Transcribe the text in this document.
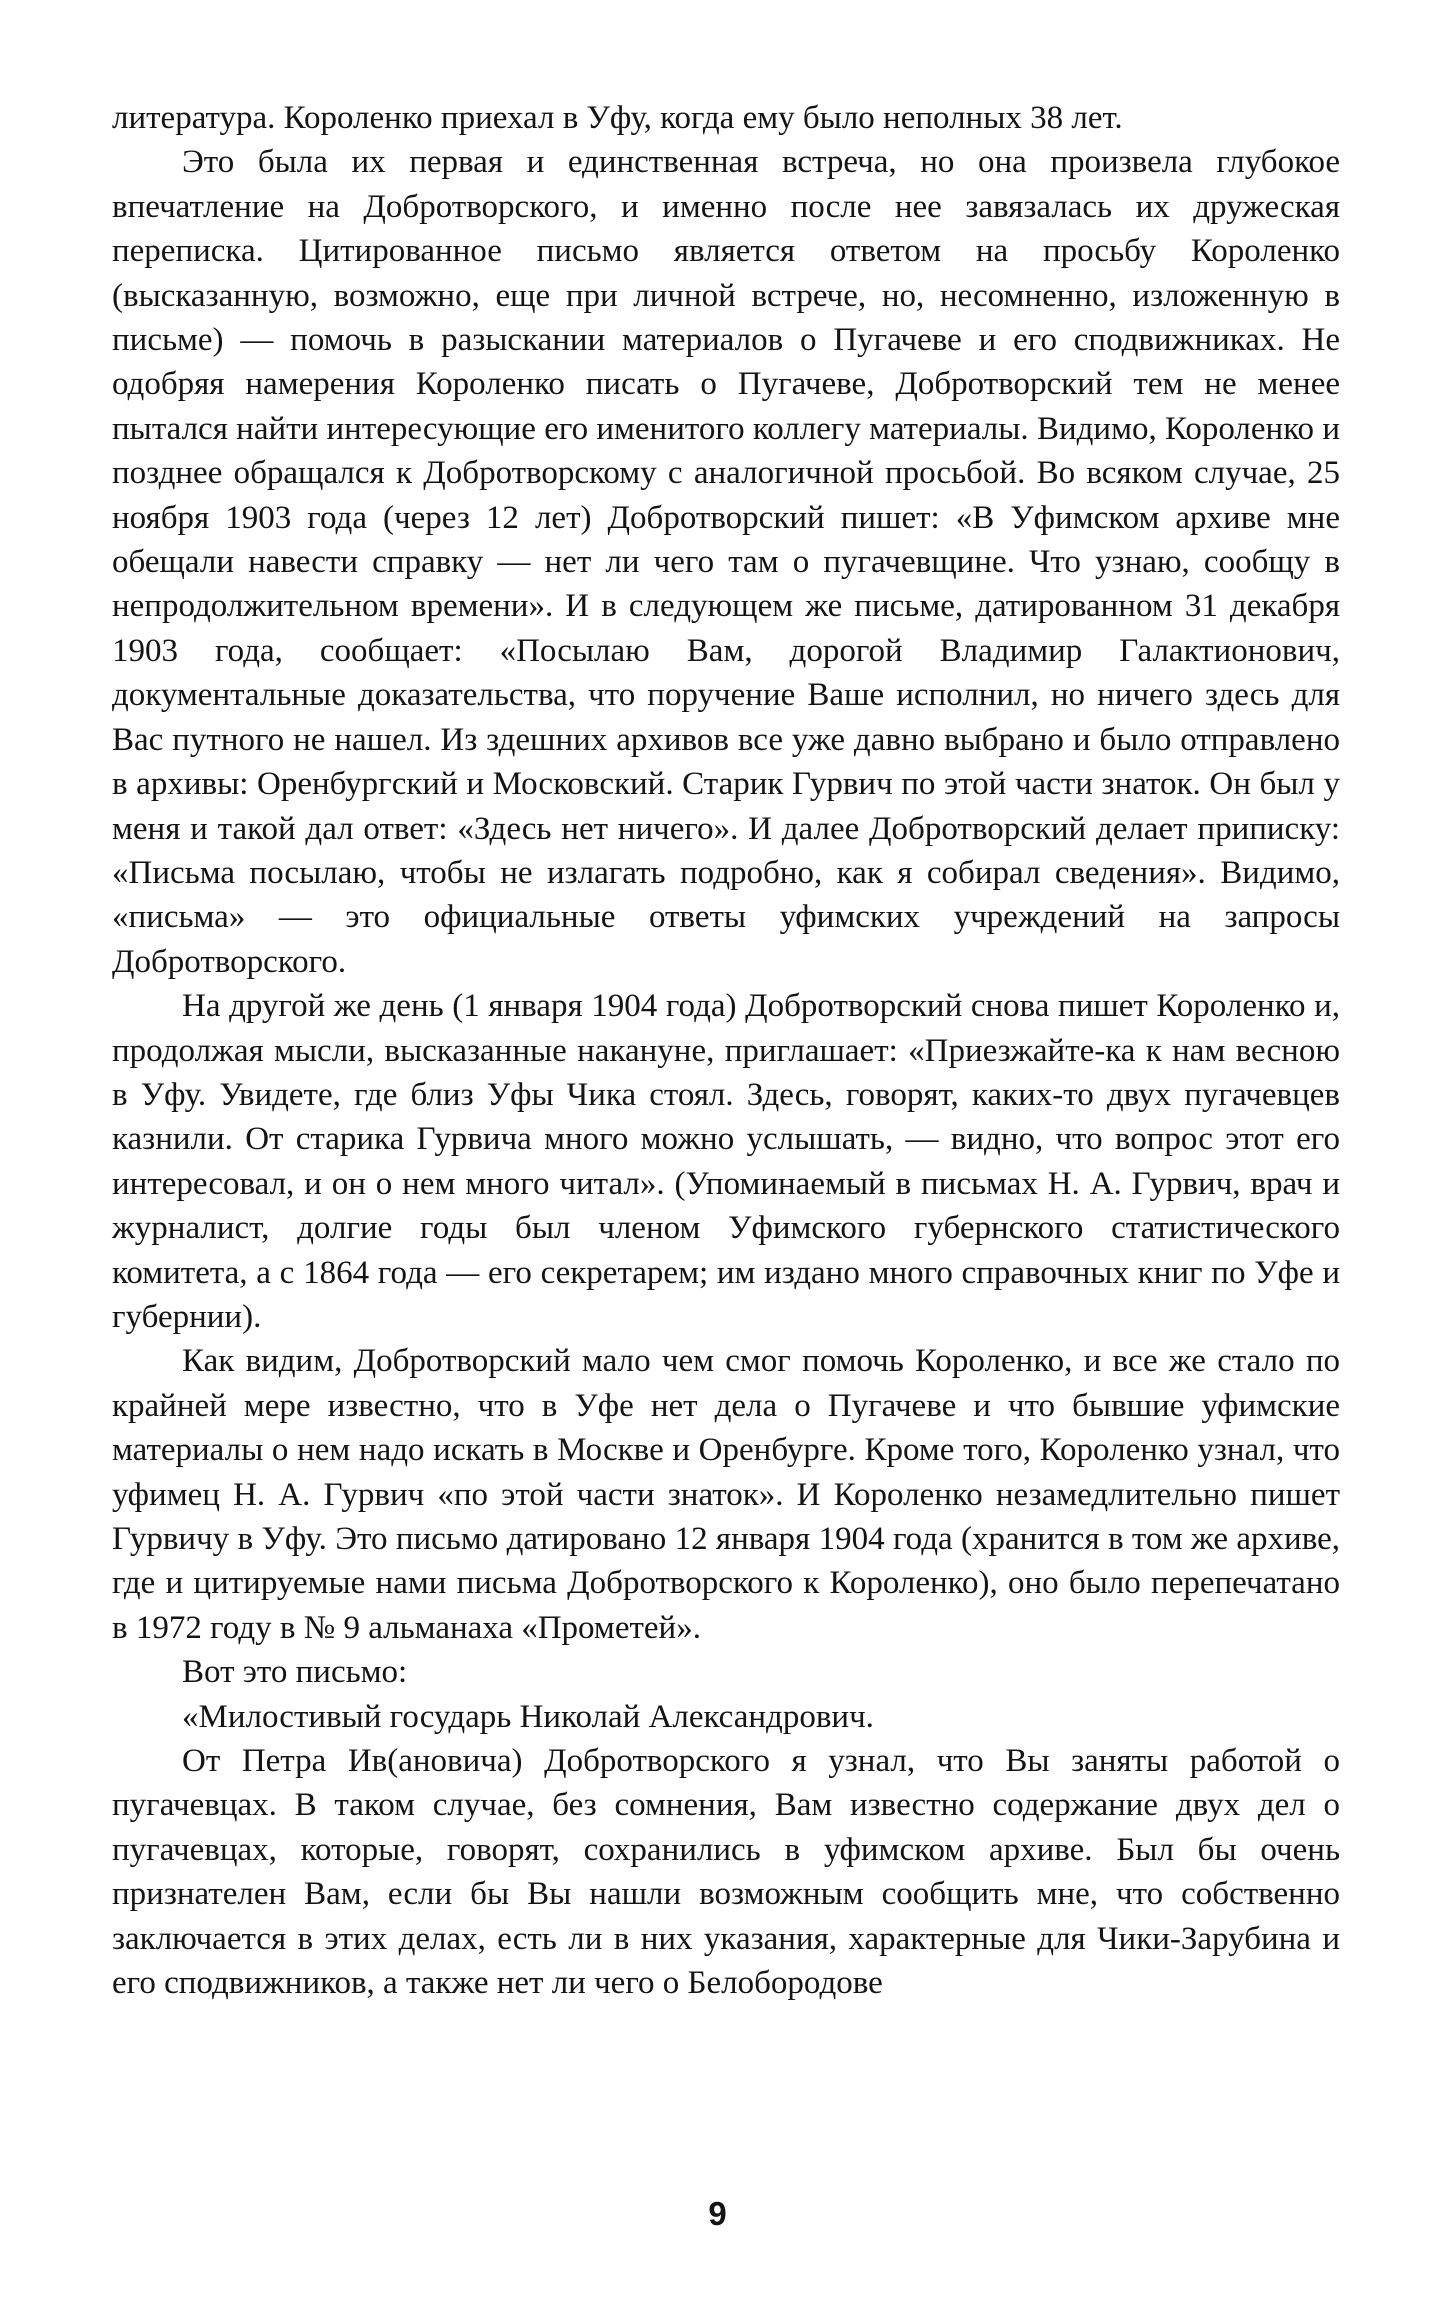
литература. Короленко приехал в Уфу, когда ему было неполных 38 лет.

Это была их первая и единственная встреча, но она произвела глубокое впечатление на Добротворского, и именно после нее завязалась их дружеская переписка. Цитированное письмо является ответом на просьбу Короленко (высказанную, возможно, еще при личной встрече, но, несомненно, изложенную в письме) — помочь в разыскании материалов о Пугачеве и его сподвижниках. Не одобряя намерения Короленко писать о Пугачеве, Добротворский тем не менее пытался найти интересующие его именитого коллегу материалы. Видимо, Короленко и позднее обращался к Добротворскому с аналогичной просьбой. Во всяком случае, 25 ноября 1903 года (через 12 лет) Добротворский пишет: «В Уфимском архиве мне обещали навести справку — нет ли чего там о пугачевщине. Что узнаю, сообщу в непродолжительном времени». И в следующем же письме, датированном 31 декабря 1903 года, сообщает: «Посылаю Вам, дорогой Владимир Галактионович, документальные доказательства, что поручение Ваше исполнил, но ничего здесь для Вас путного не нашел. Из здешних архивов все уже давно выбрано и было отправлено в архивы: Оренбургский и Московский. Старик Гурвич по этой части знаток. Он был у меня и такой дал ответ: «Здесь нет ничего». И далее Добротворский делает приписку: «Письма посылаю, чтобы не излагать подробно, как я собирал сведения». Видимо, «письма» — это официальные ответы уфимских учреждений на запросы Добротворского.

На другой же день (1 января 1904 года) Добротворский снова пишет Короленко и, продолжая мысли, высказанные накануне, приглашает: «Приезжайте-ка к нам весною в Уфу. Увидете, где близ Уфы Чика стоял. Здесь, говорят, каких-то двух пугачевцев казнили. От старика Гурвича много можно услышать, — видно, что вопрос этот его интересовал, и он о нем много читал». (Упоминаемый в письмах Н. А. Гурвич, врач и журналист, долгие годы был членом Уфимского губернского статистического комитета, а с 1864 года — его секретарем; им издано много справочных книг по Уфе и губернии).

Как видим, Добротворский мало чем смог помочь Короленко, и все же стало по крайней мере известно, что в Уфе нет дела о Пугачеве и что бывшие уфимские материалы о нем надо искать в Москве и Оренбурге. Кроме того, Короленко узнал, что уфимец Н. А. Гурвич «по этой части знаток». И Короленко незамедлительно пишет Гурвичу в Уфу. Это письмо датировано 12 января 1904 года (хранится в том же архиве, где и цитируемые нами письма Добротворского к Короленко), оно было перепечатано в 1972 году в № 9 альманаха «Прометей».

Вот это письмо:

«Милостивый государь Николай Александрович.

От Петра Ив(ановича) Добротворского я узнал, что Вы заняты работой о пугачевцах. В таком случае, без сомнения, Вам известно содержание двух дел о пугачевцах, которые, говорят, сохранились в уфимском архиве. Был бы очень признателен Вам, если бы Вы нашли возможным сообщить мне, что собственно заключается в этих делах, есть ли в них указания, характерные для Чики-Зарубина и его сподвижников, а также нет ли чего о Белобородове

9
